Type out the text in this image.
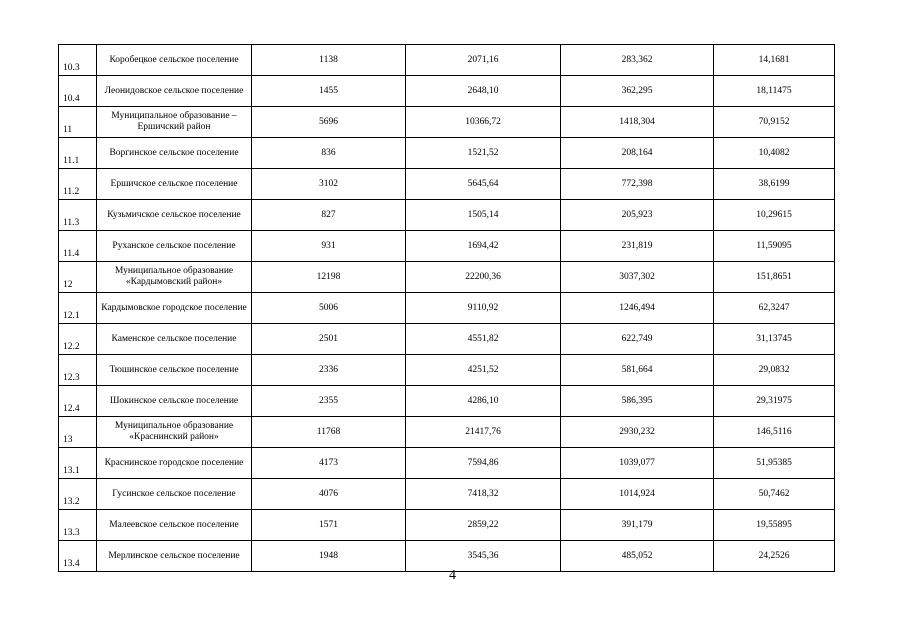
10.3	Коробецкое сельское поселение	1138	2071,16	283,362	14,1681
10.4	Леонидовское сельское поселение	1455	2648,10	362,295	18,11475
11	Муниципальное образование – Ершичский район	5696	10366,72	1418,304	70,9152
11.1	Воргинское сельское поселение	836	1521,52	208,164	10,4082
11.2	Ершичское сельское поселение	3102	5645,64	772,398	38,6199
11.3	Кузьмичское сельское поселение	827	1505,14	205,923	10,29615
11.4	Руханское сельское поселение	931	1694,42	231,819	11,59095
12	Муниципальное образование «Кардымовский район»	12198	22200,36	3037,302	151,8651
12.1	Кардымовское городское поселение	5006	9110,92	1246,494	62,3247
12.2	Каменское сельское поселение	2501	4551,82	622,749	31,13745
12.3	Тюшинское сельское поселение	2336	4251,52	581,664	29,0832
12.4	Шокинское сельское поселение	2355	4286,10	586,395	29,31975
13	Муниципальное образование «Краснинский район»	11768	21417,76	2930,232	146,5116
13.1	Краснинское городское поселение	4173	7594,86	1039,077	51,95385
13.2	Гусинское сельское поселение	4076	7418,32	1014,924	50,7462
13.3	Малеевское сельское поселение	1571	2859,22	391,179	19,55895
13.4	Мерлинское сельское поселение	1948	3545,36	485,052	24,2526
4
